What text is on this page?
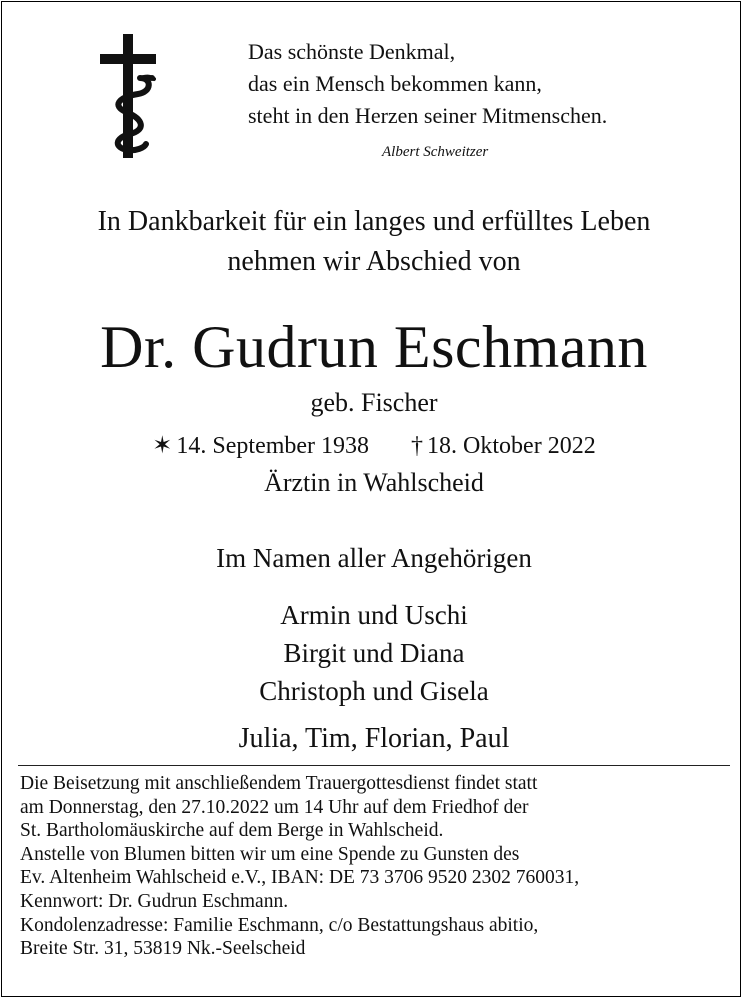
Das schönste Denkmal,
das ein Mensch bekommen kann,
steht in den Herzen seiner Mitmenschen.
Albert Schweitzer
In Dankbarkeit für ein langes und erfülltes Leben
nehmen wir Abschied von
Dr. Gudrun Eschmann
geb. Fischer
✶ 14. September 1938 † 18. Oktober 2022
Ärztin in Wahlscheid
Im Namen aller Angehörigen
Armin und Uschi
Birgit und Diana
Christoph und Gisela
Julia, Tim, Florian, Paul
Die Beisetzung mit anschließendem Trauergottesdienst findet statt
am Donnerstag, den 27.10.2022 um 14 Uhr auf dem Friedhof der
St. Bartholomäuskirche auf dem Berge in Wahlscheid.
Anstelle von Blumen bitten wir um eine Spende zu Gunsten des
Ev. Altenheim Wahlscheid e.V., IBAN: DE 73 3706 9520 2302 760031,
Kennwort: Dr. Gudrun Eschmann.
Kondolenzadresse: Familie Eschmann, c/o Bestattungshaus abitio,
Breite Str. 31, 53819 Nk.-Seelscheid
